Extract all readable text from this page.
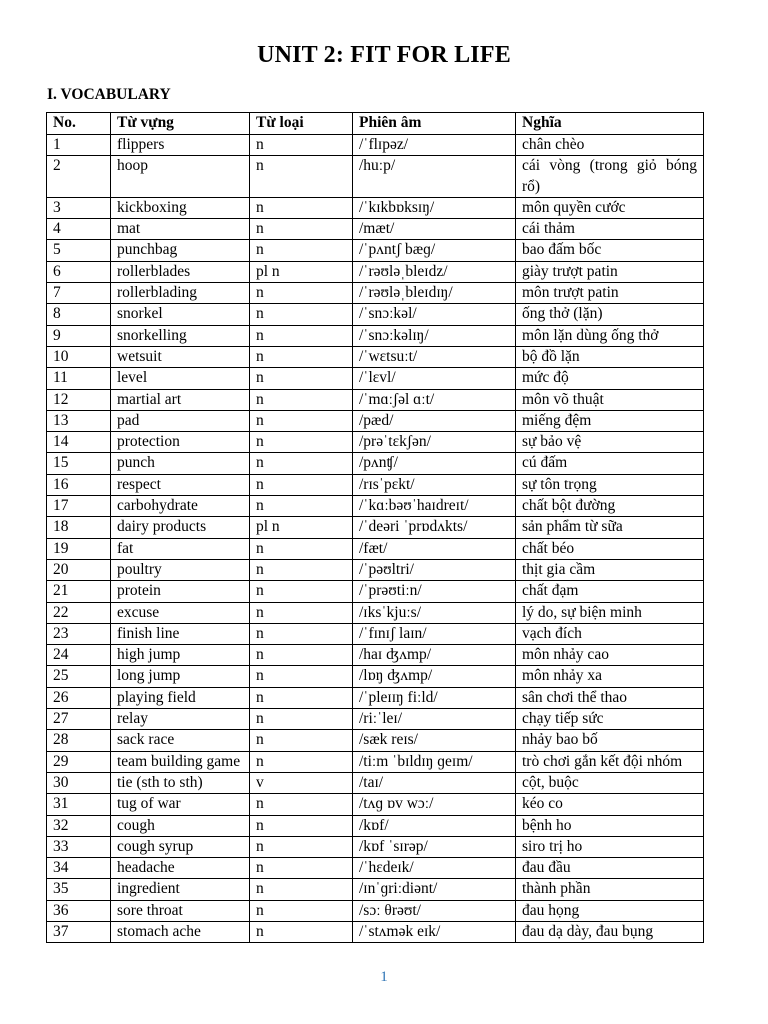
UNIT 2: FIT FOR LIFE
I. VOCABULARY
No.	Từ vựng	Từ loại	Phiên âm	Nghĩa
1	flippers	n	/ˈflɪpəz/	chân chèo
2	hoop	n	/huːp/	cái vòng (trong giỏ bóng rổ)
3	kickboxing	n	/ˈkɪkbɒksɪŋ/	môn quyền cước
4	mat	n	/mæt/	cái thảm
5	punchbag	n	/ˈpʌntʃ bæɡ/	bao đấm bốc
6	rollerblades	pl n	/ˈrəʊləˌbleɪdz/	giày trượt patin
7	rollerblading	n	/ˈrəʊləˌbleɪdɪŋ/	môn trượt patin
8	snorkel	n	/ˈsnɔːkəl/	ống thở (lặn)
9	snorkelling	n	/ˈsnɔːkəlɪŋ/	môn lặn dùng ống thở
10	wetsuit	n	/ˈwɛtsuːt/	bộ đồ lặn
11	level	n	/ˈlɛvl/	mức độ
12	martial art	n	/ˈmɑːʃəl ɑːt/	môn võ thuật
13	pad	n	/pæd/	miếng đệm
14	protection	n	/prəˈtɛkʃən/	sự bảo vệ
15	punch	n	/pʌnʧ/	cú đấm
16	respect	n	/rɪsˈpɛkt/	sự tôn trọng
17	carbohydrate	n	/ˈkɑːbəʊˈhaɪdreɪt/	chất bột đường
18	dairy products	pl n	/ˈdeəri ˈprɒdʌkts/	sản phẩm từ sữa
19	fat	n	/fæt/	chất béo
20	poultry	n	/ˈpəʊltri/	thịt gia cầm
21	protein	n	/ˈprəʊtiːn/	chất đạm
22	excuse	n	/ɪksˈkjuːs/	lý do, sự biện minh
23	finish line	n	/ˈfɪnɪʃ laɪn/	vạch đích
24	high jump	n	/haɪ ʤʌmp/	môn nhảy cao
25	long jump	n	/lɒŋ ʤʌmp/	môn nhảy xa
26	playing field	n	/ˈpleɪɪŋ fiːld/	sân chơi thể thao
27	relay	n	/riːˈleɪ/	chạy tiếp sức
28	sack race	n	/sæk reɪs/	nhảy bao bố
29	team building game	n	/tiːm ˈbɪldɪŋ ɡeɪm/	trò chơi gắn kết đội nhóm
30	tie (sth to sth)	v	/taɪ/	cột, buộc
31	tug of war	n	/tʌɡ ɒv wɔː/	kéo co
32	cough	n	/kɒf/	bệnh ho
33	cough syrup	n	/kɒf ˈsɪrəp/	siro trị ho
34	headache	n	/ˈhɛdeɪk/	đau đầu
35	ingredient	n	/ɪnˈɡriːdiənt/	thành phần
36	sore throat	n	/sɔː θrəʊt/	đau họng
37	stomach ache	n	/ˈstʌmək eɪk/	đau dạ dày, đau bụng
1
